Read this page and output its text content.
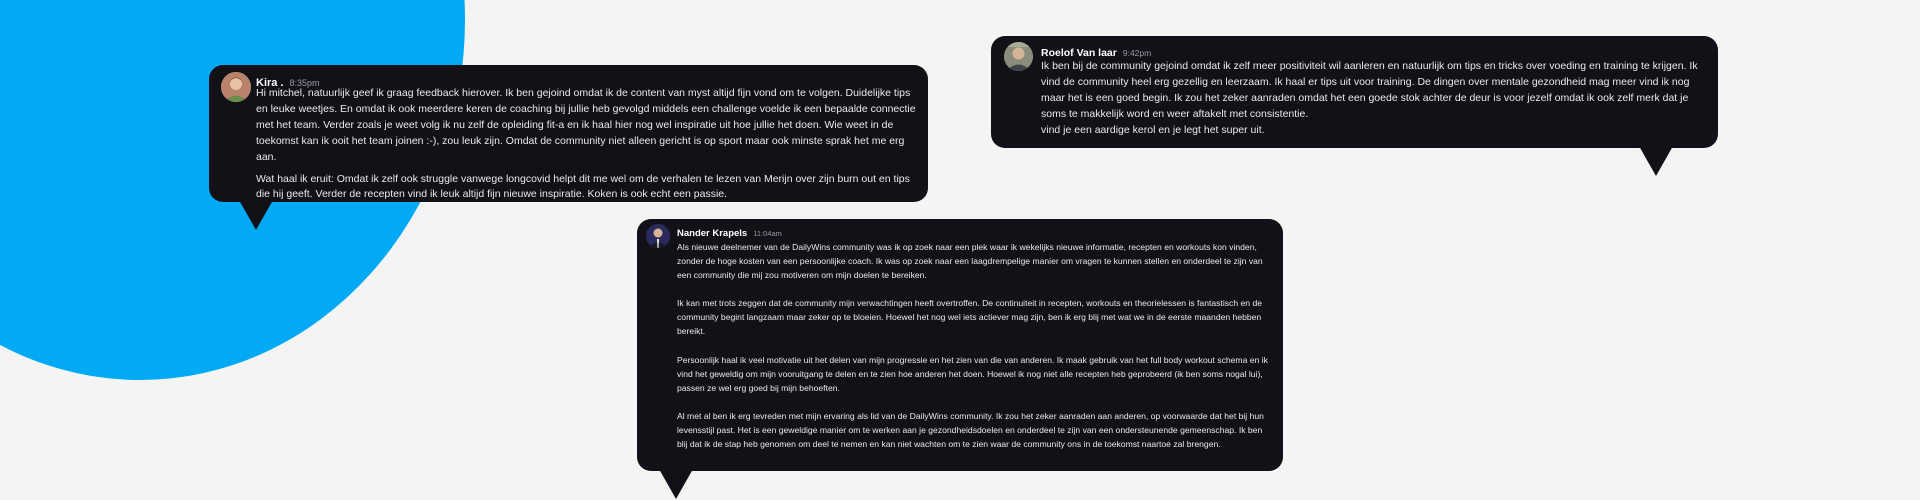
Kira . 8:35pm

Hi mitchel, natuurlijk geef ik graag feedback hierover. Ik ben gejoind omdat ik de content van myst altijd fijn vond om te volgen. Duidelijke tips en leuke weetjes. En omdat ik ook meerdere keren de coaching bij jullie heb gevolgd middels een challenge voelde ik een bepaalde connectie met het team. Verder zoals je weet volg ik nu zelf de opleiding fit-a en ik haal hier nog wel inspiratie uit hoe jullie het doen. Wie weet in de toekomst kan ik ooit het team joinen :-), zou leuk zijn. Omdat de community niet alleen gericht is op sport maar ook minste sprak het me erg aan.

Wat haal ik eruit: Omdat ik zelf ook struggle vanwege longcovid helpt dit me wel om de verhalen te lezen van Merijn over zijn burn out en tips die hij geeft. Verder de recepten vind ik leuk altijd fijn nieuwe inspiratie. Koken is ook echt een passie.

Roelof Van laar 9:42pm

Ik ben bij de community gejoind omdat ik zelf meer positiviteit wil aanleren en natuurlijk om tips en tricks over voeding en training te krijgen. Ik vind de community heel erg gezellig en leerzaam. Ik haal er tips uit voor training. De dingen over mentale gezondheid mag meer vind ik nog maar het is een goed begin. Ik zou het zeker aanraden omdat het een goede stok achter de deur is voor jezelf omdat ik ook zelf merk dat je soms te makkelijk word en weer aftakelt met consistentie.

vind je een aardige kerol en je legt het super uit.

Nander Krapels 11:04am

Als nieuwe deelnemer van de DailyWins community was ik op zoek naar een plek waar ik wekelijks nieuwe informatie, recepten en workouts kon vinden, zonder de hoge kosten van een persoonlijke coach. Ik was op zoek naar een laagdrempelige manier om vragen te kunnen stellen en onderdeel te zijn van een community die mij zou motiveren om mijn doelen te bereiken.

Ik kan met trots zeggen dat de community mijn verwachtingen heeft overtroffen. De continuiteit in recepten, workouts en theorielessen is fantastisch en de community begint langzaam maar zeker op te bloeien. Hoewel het nog wel iets actiever mag zijn, ben ik erg blij met wat we in de eerste maanden hebben bereikt.

Persoonlijk haal ik veel motivatie uit het delen van mijn progressie en het zien van die van anderen. Ik maak gebruik van het full body workout schema en ik vind het geweldig om mijn vooruitgang te delen en te zien hoe anderen het doen. Hoewel ik nog niet alle recepten heb geprobeerd (ik ben soms nogal lui), passen ze wel erg goed bij mijn behoeften.

Al met al ben ik erg tevreden met mijn ervaring als lid van de DailyWins community. Ik zou het zeker aanraden aan anderen, op voorwaarde dat het bij hun levensstijl past. Het is een geweldige manier om te werken aan je gezondheidsdoelen en onderdeel te zijn van een ondersteunende gemeenschap. Ik ben blij dat ik de stap heb genomen om deel te nemen en kan niet wachten om te zien waar de community ons in de toekomst naartoe zal brengen.
